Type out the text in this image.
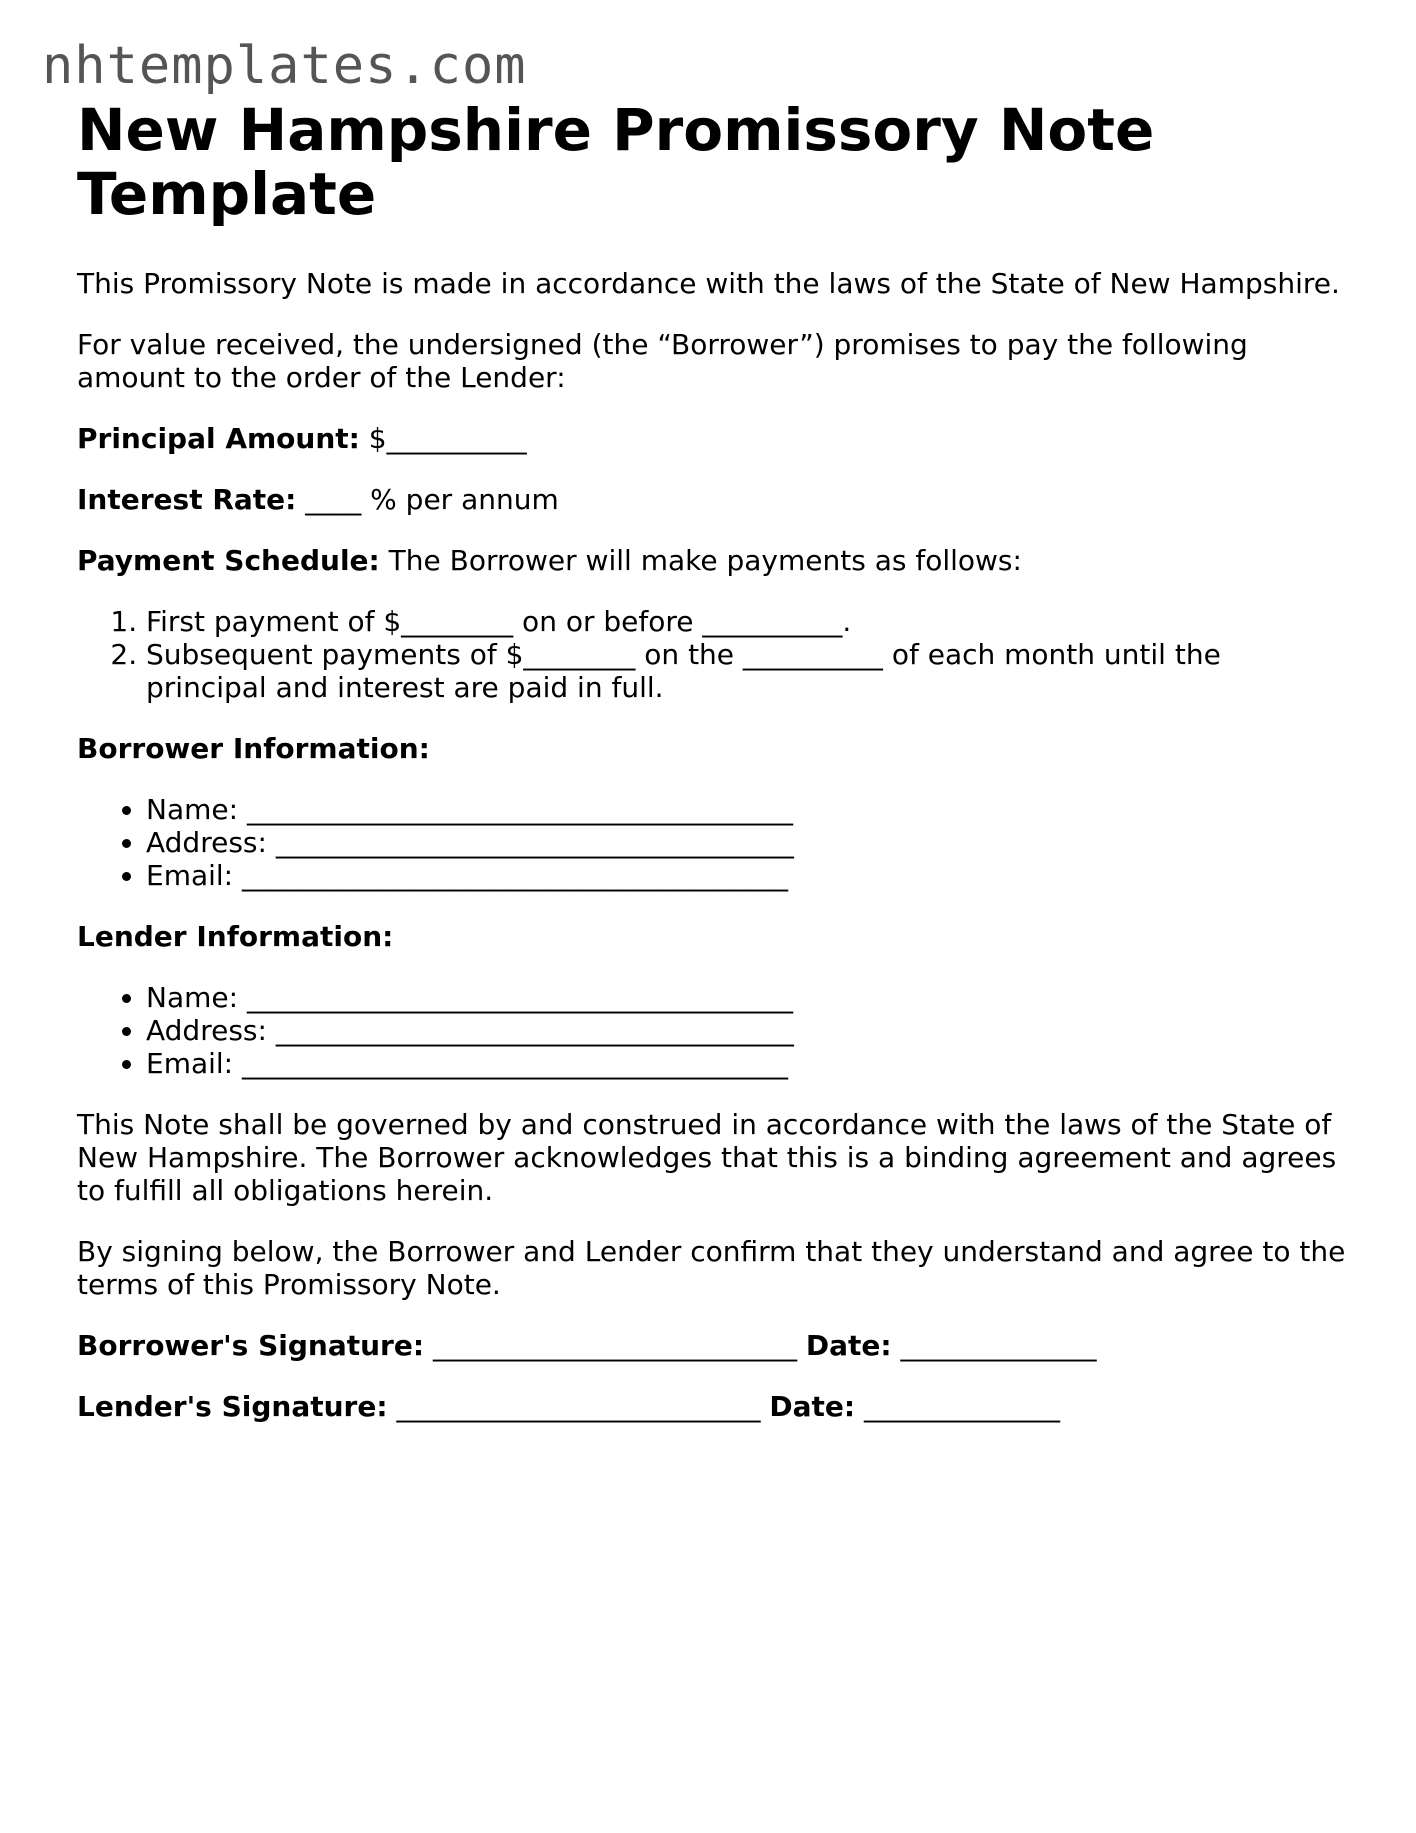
nhtemplates.com
New Hampshire Promissory Note Template

This Promissory Note is made in accordance with the laws of the State of New Hampshire.

For value received, the undersigned (the “Borrower”) promises to pay the following amount to the order of the Lender:

Principal Amount: $__________

Interest Rate: ____ % per annum

Payment Schedule: The Borrower will make payments as follows:

1. First payment of $________ on or before __________.
2. Subsequent payments of $________ on the __________ of each month until the principal and interest are paid in full.

Borrower Information:

• Name: _______________________________________
• Address: _____________________________________
• Email: _______________________________________

Lender Information:

• Name: _______________________________________
• Address: _____________________________________
• Email: _______________________________________

This Note shall be governed by and construed in accordance with the laws of the State of New Hampshire. The Borrower acknowledges that this is a binding agreement and agrees to fulfill all obligations herein.

By signing below, the Borrower and Lender confirm that they understand and agree to the terms of this Promissory Note.

Borrower's Signature: __________________________ Date: ______________

Lender's Signature: __________________________ Date: ______________
